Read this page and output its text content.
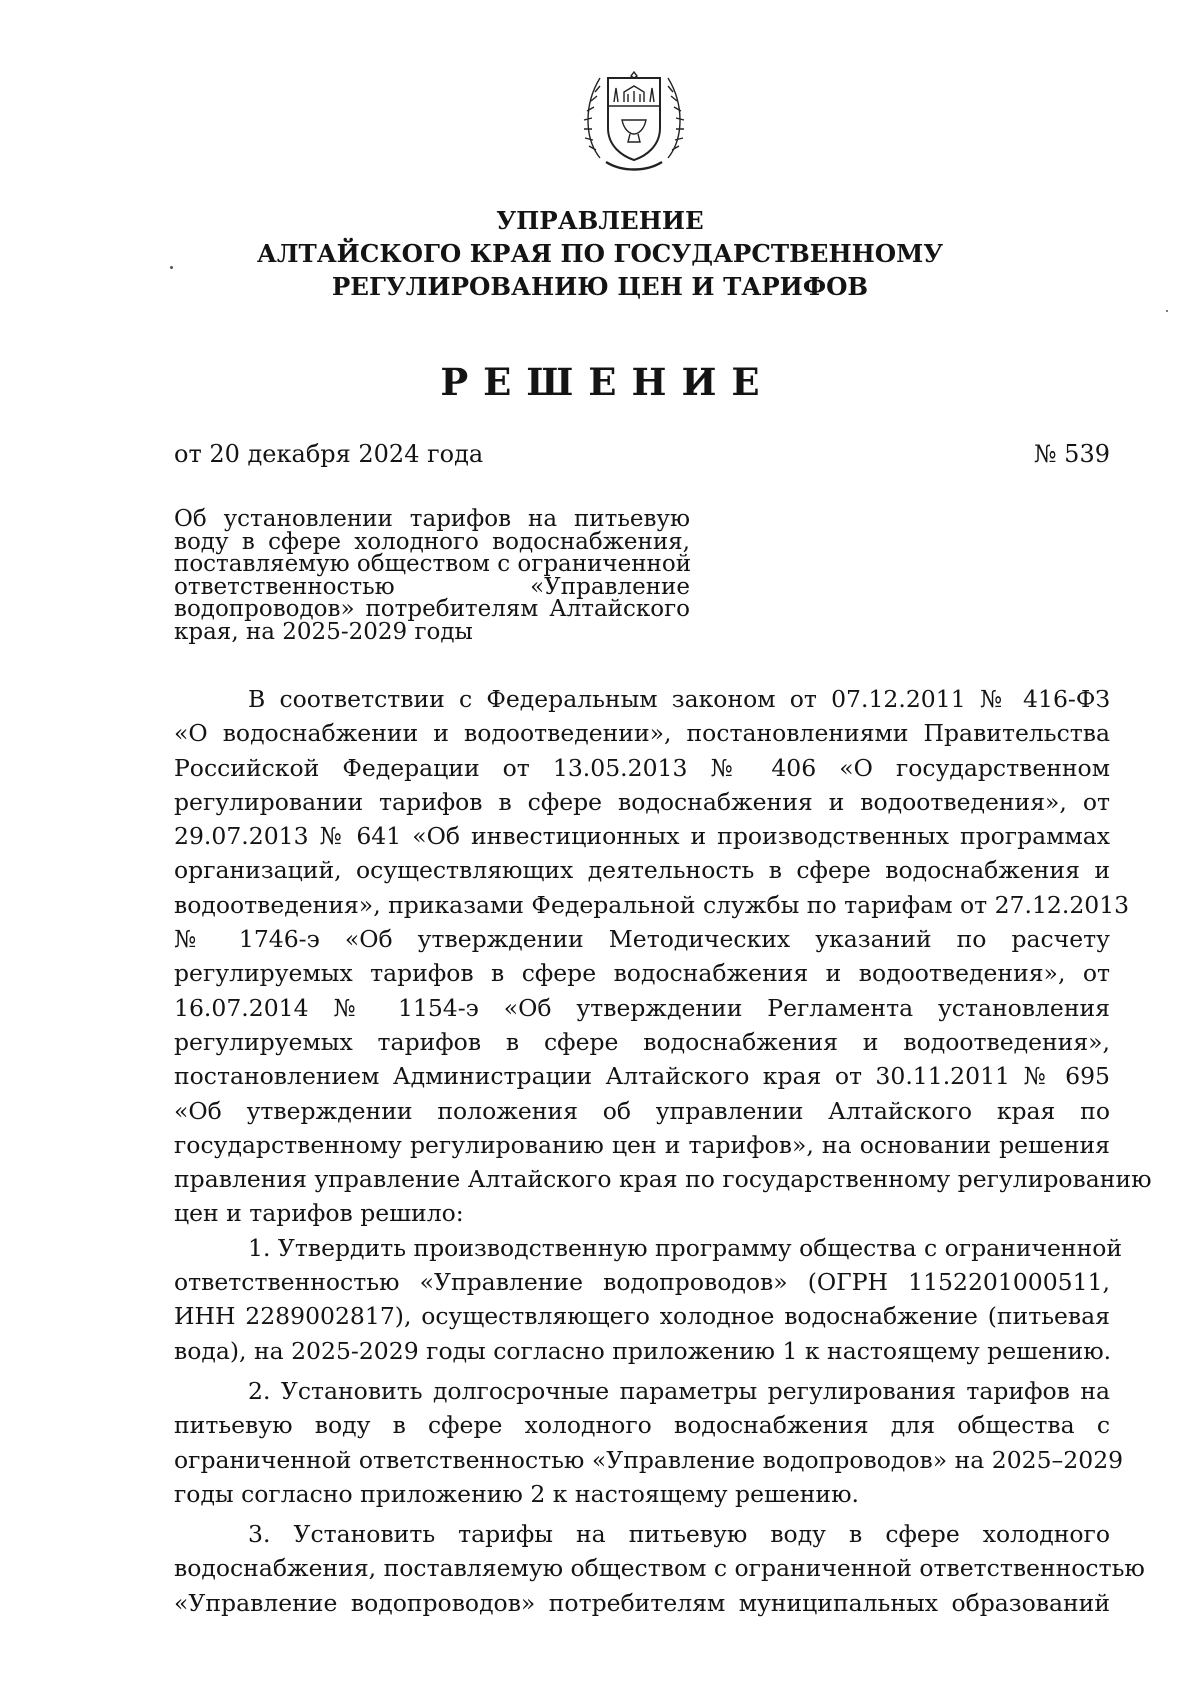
УПРАВЛЕНИЕ
АЛТАЙСКОГО КРАЯ ПО ГОСУДАРСТВЕННОМУ
РЕГУЛИРОВАНИЮ ЦЕН И ТАРИФОВ
РЕШЕНИЕ
от 20 декабря 2024 года	№ 539
Об установлении тарифов на питьевую
воду в сфере холодного водоснабжения,
поставляемую обществом с ограниченной
ответственностью «Управление
водопроводов» потребителям Алтайского
края, на 2025-2029 годы
В соответствии с Федеральным законом от 07.12.2011 № 416-ФЗ
«О водоснабжении и водоотведении», постановлениями Правительства
Российской Федерации от 13.05.2013 № 406 «О государственном
регулировании тарифов в сфере водоснабжения и водоотведения», от
29.07.2013 № 641 «Об инвестиционных и производственных программах
организаций, осуществляющих деятельность в сфере водоснабжения и
водоотведения», приказами Федеральной службы по тарифам от 27.12.2013
№ 1746-э «Об утверждении Методических указаний по расчету
регулируемых тарифов в сфере водоснабжения и водоотведения», от
16.07.2014 № 1154-э «Об утверждении Регламента установления
регулируемых тарифов в сфере водоснабжения и водоотведения»,
постановлением Администрации Алтайского края от 30.11.2011 № 695
«Об утверждении положения об управлении Алтайского края по
государственному регулированию цен и тарифов», на основании решения
правления управление Алтайского края по государственному регулированию
цен и тарифов решило:
1. Утвердить производственную программу общества с ограниченной
ответственностью «Управление водопроводов» (ОГРН 1152201000511,
ИНН 2289002817), осуществляющего холодное водоснабжение (питьевая
вода), на 2025-2029 годы согласно приложению 1 к настоящему решению.
2. Установить долгосрочные параметры регулирования тарифов на
питьевую воду в сфере холодного водоснабжения для общества с
ограниченной ответственностью «Управление водопроводов» на 2025–2029
годы согласно приложению 2 к настоящему решению.
3. Установить тарифы на питьевую воду в сфере холодного
водоснабжения, поставляемую обществом с ограниченной ответственностью
«Управление водопроводов» потребителям муниципальных образований
